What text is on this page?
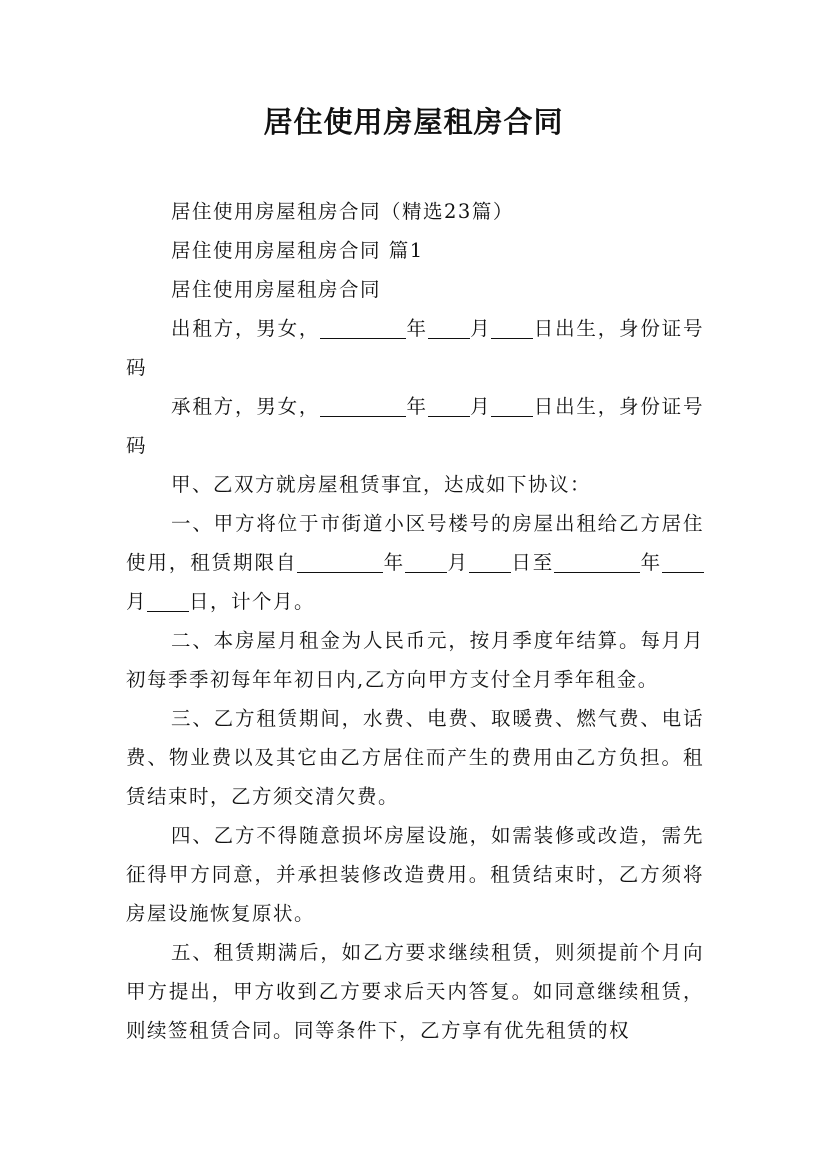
居住使用房屋租房合同

居住使用房屋租房合同（精选23篇）

居住使用房屋租房合同 篇1

居住使用房屋租房合同

出租方，男女，	年 月 日出生，身份证号码

承租方，男女，	年 月 日出生，身份证号码

甲、乙双方就房屋租赁事宜，达成如下协议：

一、甲方将位于市街道小区号楼号的房屋出租给乙方居住使用，租赁期限自	年 月 日至	年月 日，计个月。

二、本房屋月租金为人民币元，按月季度年结算。每月月初每季季初每年年初日内,乙方向甲方支付全月季年租金。

三、乙方租赁期间，水费、电费、取暖费、燃气费、电话费、物业费以及其它由乙方居住而产生的费用由乙方负担。租赁结束时，乙方须交清欠费。

四、乙方不得随意损坏房屋设施，如需装修或改造，需先征得甲方同意，并承担装修改造费用。租赁结束时，乙方须将房屋设施恢复原状。

五、租赁期满后，如乙方要求继续租赁，则须提前个月向甲方提出，甲方收到乙方要求后天内答复。如同意继续租赁，则续签租赁合同。同等条件下，乙方享有优先租赁的权
